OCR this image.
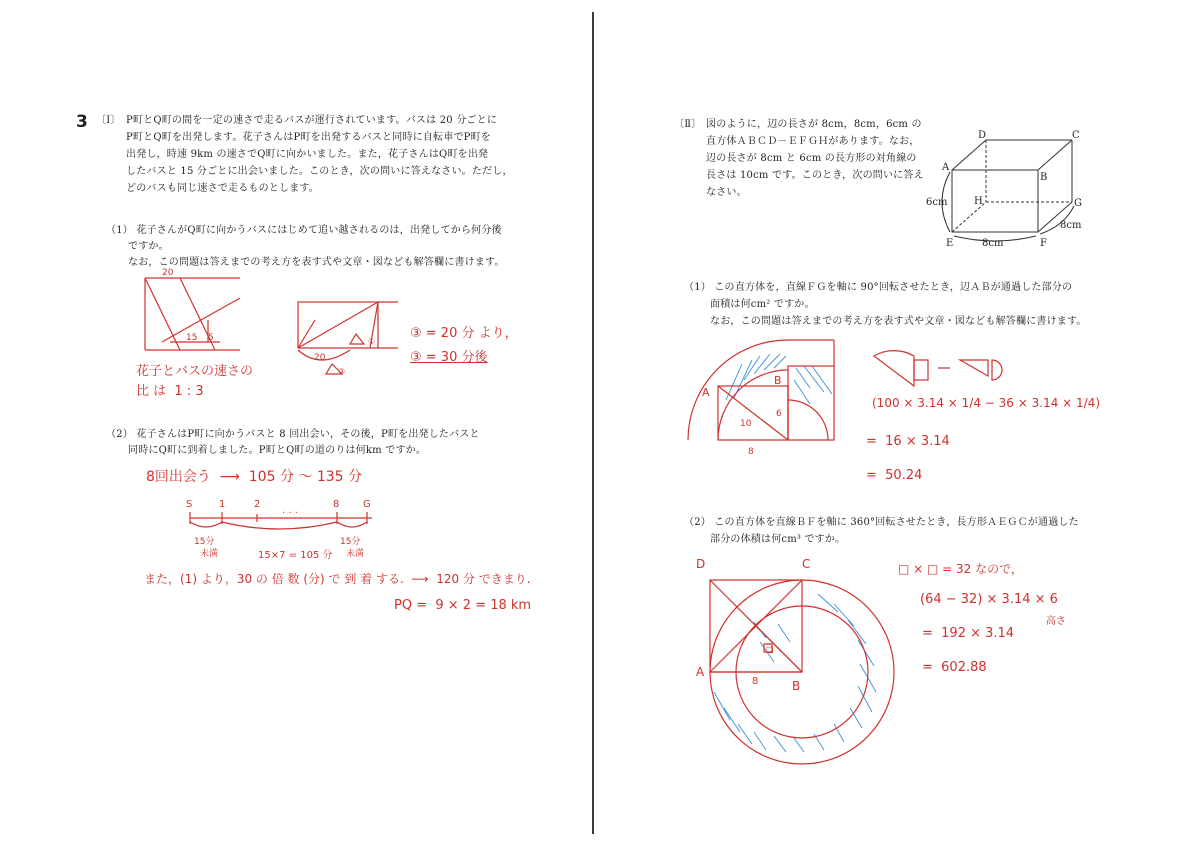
3 〔Ⅰ〕 P町とQ町の間を一定の速さで走るバスが運行されています。バスは 20 分ごとに
P町とQ町を出発します。花子さんはP町を出発するバスと同時に自転車でP町を
出発し，時速 9km の速さでQ町に向かいました。また，花子さんはQ町を出発
したバスと 15 分ごとに出会いました。このとき，次の問いに答えなさい。ただし，
どのバスも同じ速さで走るものとします。
（1） 花子さんがQ町に向かうバスにはじめて追い越されるのは，出発してから何分後
ですか。
なお，この問題は答えまでの考え方を表す式や文章・図なども解答欄に書けます。
20
15 5
花子とバスの速さの
比 は  1 : 3
20
①
③
③ = 20 分 より，
③ = 30 分後
（2） 花子さんはP町に向かうバスと 8 回出会い，その後，P町を出発したバスと
同時にQ町に到着しました。P町とQ町の道のりは何km ですか。
8回出会う  ⟶  105 分 〜 135 分
S	1	2
· · ·
8 G
15分
未満	15×7 = 105 分
15分
未満
また，(1) より，30 の 倍 数 (分) で 到 着 する.  ⟶  120 分 できまり.
PQ =  9 × 2 = 18 km
〔Ⅱ〕 図のように，辺の長さが 8cm，8cm，6cm の
直方体ＡＢＣＤ－ＥＦＧＨがあります。なお，
辺の長さが 8cm と 6cm の長方形の対角線の
長さは 10cm です。このとき，次の問いに答え
なさい。
D	C
A
B
H	G
E	F
6cm
8cm
8cm
（1） この直方体を，直線ＦＧを軸に 90°回転させたとき，辺ＡＢが通過した部分の
面積は何cm² ですか。
なお，この問題は答えまでの考え方を表す式や文章・図なども解答欄に書けます。
A
B
10
6
8
(100 × 3.14 × 1/4 − 36 × 3.14 × 1/4)
=  16 × 3.14
=  50.24
（2） この直方体を直線ＢＦを軸に 360°回転させたとき，長方形ＡＥＧＣが通過した
部分の体積は何cm³ ですか。
D	C
A
B
8
□
□ × □ = 32 なので，
(64 − 32) × 3.14 × 6
高さ
=  192 × 3.14
=  602.88
